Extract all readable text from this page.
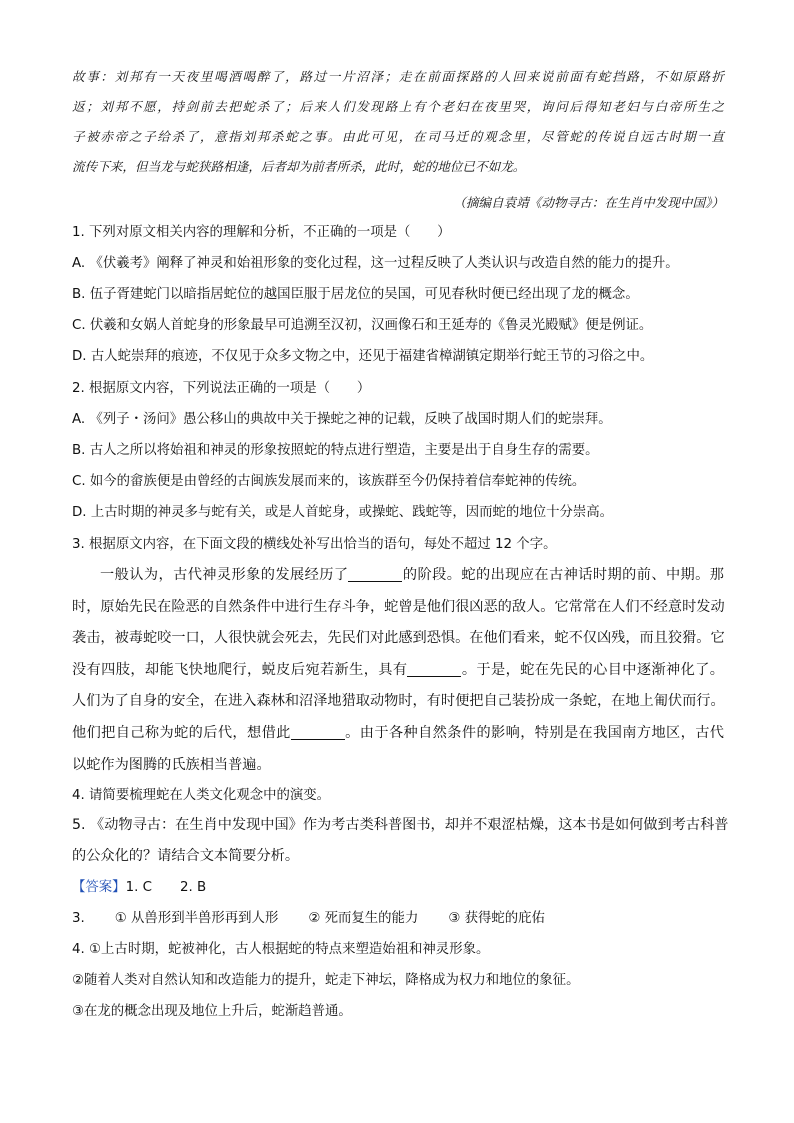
故事：刘邦有一天夜里喝酒喝醉了，路过一片沼泽；走在前面探路的人回来说前面有蛇挡路，不如原路折
返；刘邦不愿，持剑前去把蛇杀了；后来人们发现路上有个老妇在夜里哭，询问后得知老妇与白帝所生之
子被赤帝之子给杀了，意指刘邦杀蛇之事。由此可见，在司马迁的观念里，尽管蛇的传说自远古时期一直
流传下来，但当龙与蛇狭路相逢，后者却为前者所杀，此时，蛇的地位已不如龙。
（摘编自袁靖《动物寻古：在生肖中发现中国》）
1. 下列对原文相关内容的理解和分析，不正确的一项是（　　）
A. 《伏羲考》阐释了神灵和始祖形象的变化过程，这一过程反映了人类认识与改造自然的能力的提升。
B. 伍子胥建蛇门以暗指居蛇位的越国臣服于居龙位的吴国，可见春秋时便已经出现了龙的概念。
C. 伏羲和女娲人首蛇身的形象最早可追溯至汉初，汉画像石和王延寿的《鲁灵光殿赋》便是例证。
D. 古人蛇崇拜的痕迹，不仅见于众多文物之中，还见于福建省樟湖镇定期举行蛇王节的习俗之中。
2. 根据原文内容，下列说法正确的一项是（　　）
A. 《列子・汤问》愚公移山的典故中关于操蛇之神的记载，反映了战国时期人们的蛇崇拜。
B. 古人之所以将始祖和神灵的形象按照蛇的特点进行塑造，主要是出于自身生存的需要。
C. 如今的畲族便是由曾经的古闽族发展而来的，该族群至今仍保持着信奉蛇神的传统。
D. 上古时期的神灵多与蛇有关，或是人首蛇身，或操蛇、践蛇等，因而蛇的地位十分崇高。
3. 根据原文内容，在下面文段的横线处补写出恰当的语句，每处不超过 12 个字。
一般认为，古代神灵形象的发展经历了	的阶段。蛇的出现应在古神话时期的前、中期。那
时，原始先民在险恶的自然条件中进行生存斗争，蛇曾是他们很凶恶的敌人。它常常在人们不经意时发动
袭击，被毒蛇咬一口，人很快就会死去，先民们对此感到恐惧。在他们看来，蛇不仅凶残，而且狡猾。它
没有四肢，却能飞快地爬行，蜕皮后宛若新生，具有	。于是，蛇在先民的心目中逐渐神化了。
人们为了自身的安全，在进入森林和沼泽地猎取动物时，有时便把自己装扮成一条蛇，在地上匍伏而行。
他们把自己称为蛇的后代，想借此	。由于各种自然条件的影响，特别是在我国南方地区，古代
以蛇作为图腾的氏族相当普遍。
4. 请简要梳理蛇在人类文化观念中的演变。
5. 《动物寻古：在生肖中发现中国》作为考古类科普图书，却并不艰涩枯燥，这本书是如何做到考古科普
的公众化的？请结合文本简要分析。
【答案】1. C 2. B
3. ① 从兽形到半兽形再到人形 ② 死而复生的能力 ③ 获得蛇的庇佑
4. ①上古时期，蛇被神化，古人根据蛇的特点来塑造始祖和神灵形象。
②随着人类对自然认知和改造能力的提升，蛇走下神坛，降格成为权力和地位的象征。
③在龙的概念出现及地位上升后，蛇渐趋普通。
